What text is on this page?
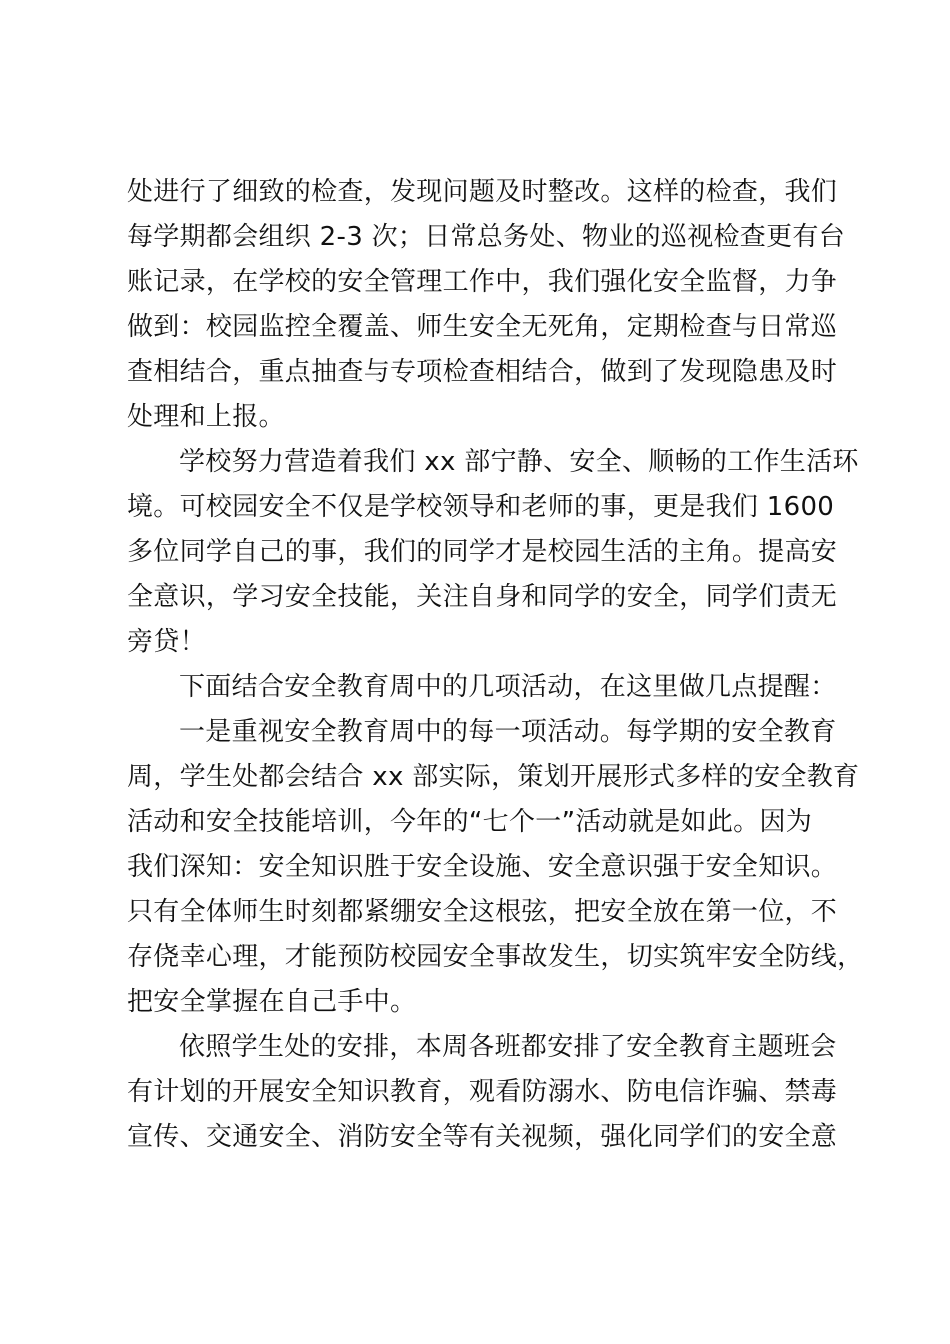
处进行了细致的检查，发现问题及时整改。这样的检查，我们
每学期都会组织 2-3 次；日常总务处、物业的巡视检查更有台
账记录，在学校的安全管理工作中，我们强化安全监督，力争
做到：校园监控全覆盖、师生安全无死角，定期检查与日常巡
查相结合，重点抽查与专项检查相结合，做到了发现隐患及时
处理和上报。
学校努力营造着我们 xx 部宁静、安全、顺畅的工作生活环
境。可校园安全不仅是学校领导和老师的事，更是我们 1600
多位同学自己的事，我们的同学才是校园生活的主角。提高安
全意识，学习安全技能，关注自身和同学的安全，同学们责无
旁贷！
下面结合安全教育周中的几项活动，在这里做几点提醒：
一是重视安全教育周中的每一项活动。每学期的安全教育
周，学生处都会结合 xx 部实际，策划开展形式多样的安全教育
活动和安全技能培训，今年的“七个一”活动就是如此。因为
我们深知：安全知识胜于安全设施、安全意识强于安全知识。
只有全体师生时刻都紧绷安全这根弦，把安全放在第一位，不
存侥幸心理，才能预防校园安全事故发生，切实筑牢安全防线，
把安全掌握在自己手中。
依照学生处的安排，本周各班都安排了安全教育主题班会
有计划的开展安全知识教育，观看防溺水、防电信诈骗、禁毒
宣传、交通安全、消防安全等有关视频，强化同学们的安全意
